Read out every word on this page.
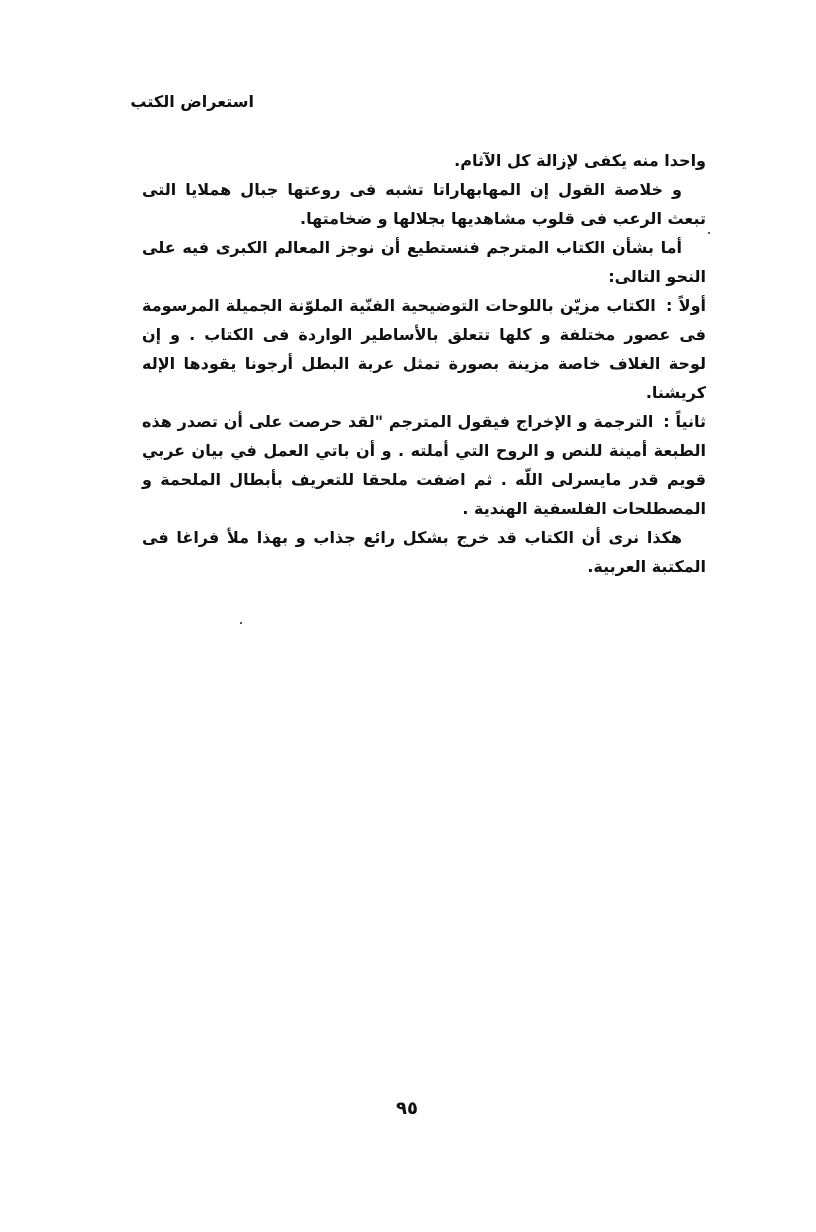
استعراض الكتب

واحدا منه يكفى لإزالة كل الآثام.

و خلاصة القول إن المهابهاراتا تشبه فى روعتها جبال هملايا التى تبعث الرعب فى قلوب مشاهديها بجلالها و ضخامتها.

أما بشأن الكتاب المترجم فنستطيع أن نوجز المعالم الكبرى فيه على النحو التالى:

أولاً : الكتاب مزيّن باللوحات التوضيحية الفنّية الملوّنة الجميلة المرسومة فى عصور مختلفة و كلها تتعلق بالأساطير الواردة فى الكتاب . و إن لوحة الغلاف خاصة مزينة بصورة تمثل عربة البطل أرجونا يقودها الإله كريشنا.

ثانياً : الترجمة و الإخراج فيقول المترجم "لقد حرصت على أن تصدر هذه الطبعة أمينة للنص و الروح التي أملته . و أن باتي العمل في بيان عربي قويم قدر مايسرلى اللّه . ثم اضفت ملحقا للتعريف بأبطال الملحمة و المصطلحات الفلسفية الهندية .

هكذا نرى أن الكتاب قد خرج بشكل رائع جذاب و بهذا ملأ فراغا فى المكتبة العربية.

٩٥
